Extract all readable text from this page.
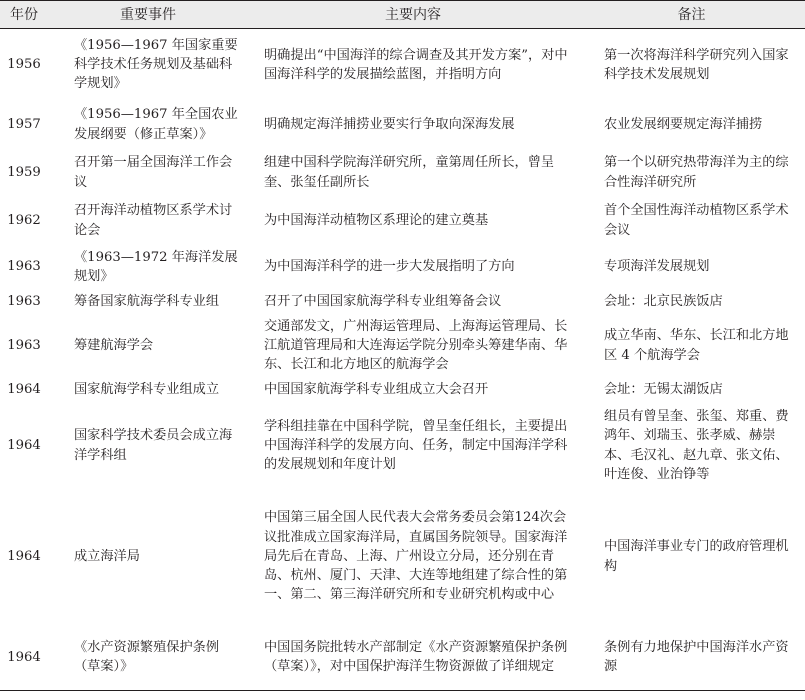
年份	重要事件	主要内容	备注
1956	《1956—1967 年国家重要科学技术任务规划及基础科学规划》	明确提出“中国海洋的综合调查及其开发方案”，对中国海洋科学的发展描绘蓝图，并指明方向	第一次将海洋科学研究列入国家科学技术发展规划
1957	《1956—1967 年全国农业发展纲要（修正草案）》	明确规定海洋捕捞业要实行争取向深海发展	农业发展纲要规定海洋捕捞
1959	召开第一届全国海洋工作会议	组建中国科学院海洋研究所，童第周任所长，曾呈奎、张玺任副所长	第一个以研究热带海洋为主的综合性海洋研究所
1962	召开海洋动植物区系学术讨论会	为中国海洋动植物区系理论的建立奠基	首个全国性海洋动植物区系学术会议
1963	《1963—1972 年海洋发展规划》	为中国海洋科学的进一步大发展指明了方向	专项海洋发展规划
1963	筹备国家航海学科专业组	召开了中国国家航海学科专业组筹备会议	会址：北京民族饭店
1963	筹建航海学会	交通部发文，广州海运管理局、上海海运管理局、长江航道管理局和大连海运学院分别牵头筹建华南、华东、长江和北方地区的航海学会	成立华南、华东、长江和北方地区 4 个航海学会
1964	国家航海学科专业组成立	中国国家航海学科专业组成立大会召开	会址：无锡太湖饭店
1964	国家科学技术委员会成立海洋学科组	学科组挂靠在中国科学院，曾呈奎任组长，主要提出中国海洋科学的发展方向、任务，制定中国海洋学科的发展规划和年度计划	组员有曾呈奎、张玺、郑重、费鸿年、刘瑞玉、张孝威、赫崇本、毛汉礼、赵九章、张文佑、叶连俊、业治铮等
1964	成立海洋局	中国第三届全国人民代表大会常务委员会第124次会议批准成立国家海洋局，直属国务院领导。国家海洋局先后在青岛、上海、广州设立分局，还分别在青岛、杭州、厦门、天津、大连等地组建了综合性的第一、第二、第三海洋研究所和专业研究机构或中心	中国海洋事业专门的政府管理机构
1964	《水产资源繁殖保护条例（草案）》	中国国务院批转水产部制定《水产资源繁殖保护条例（草案）》，对中国保护海洋生物资源做了详细规定	条例有力地保护中国海洋水产资源
